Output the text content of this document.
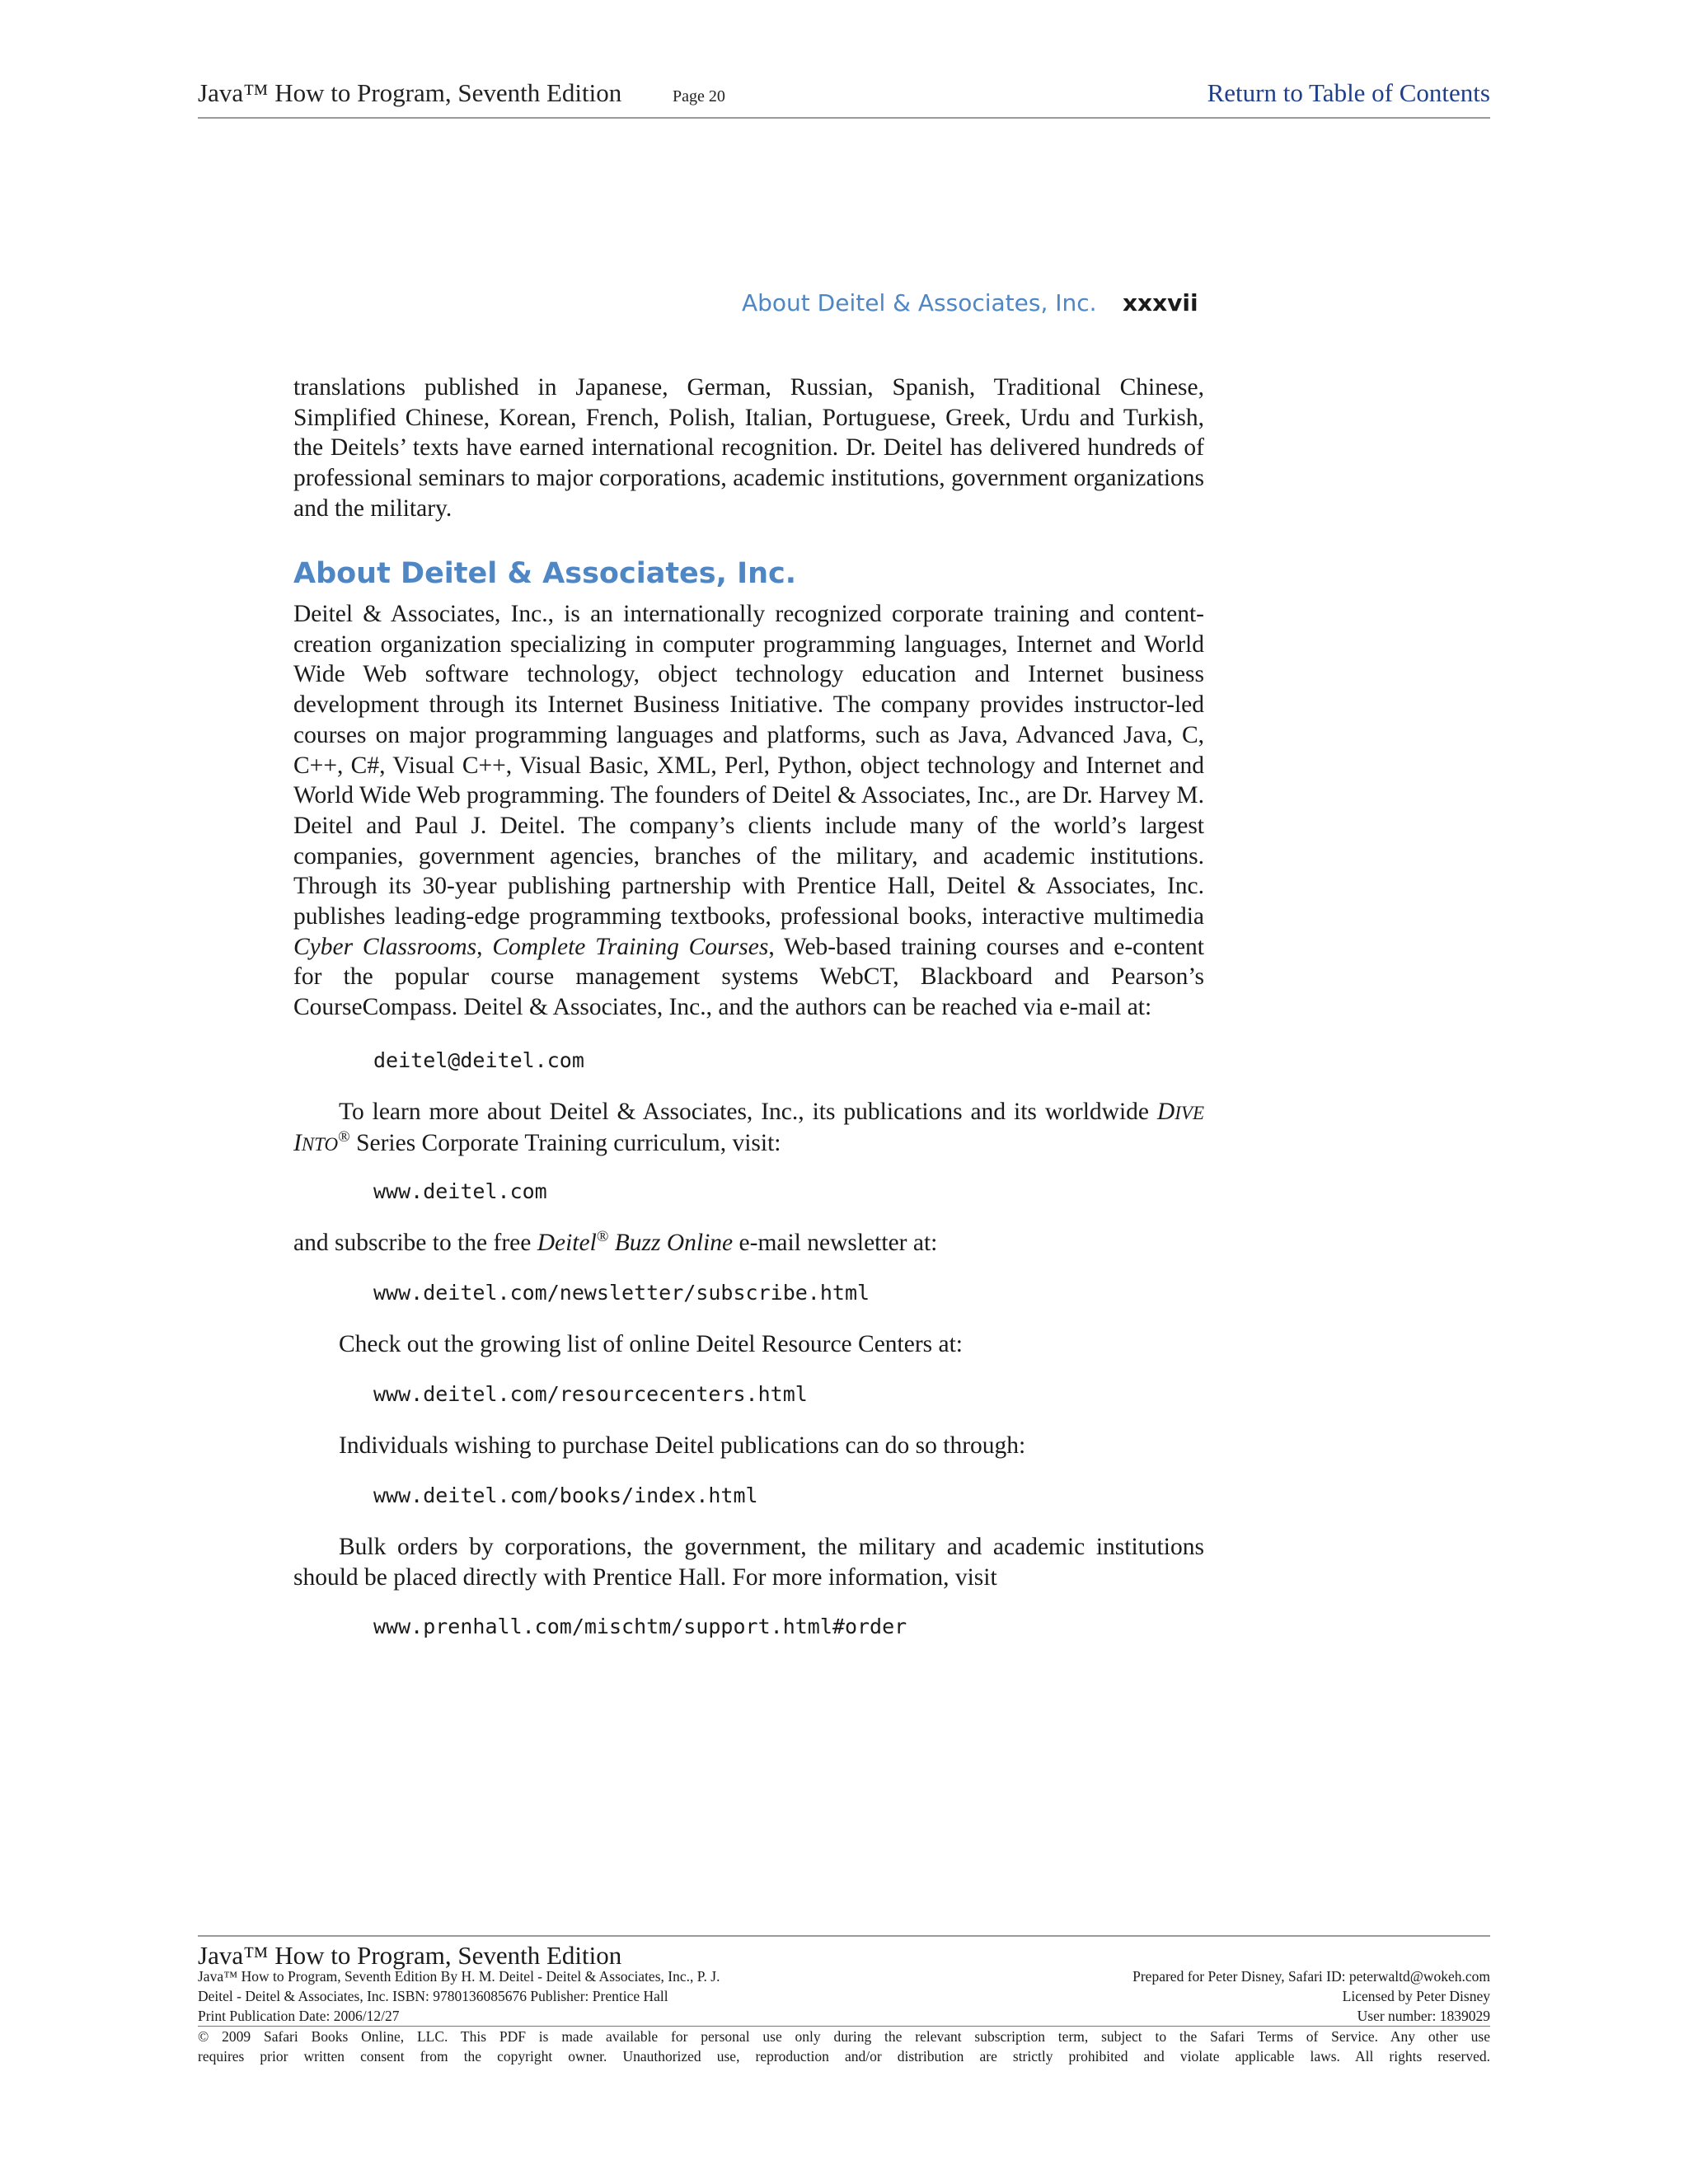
Java™ How to Program, Seventh Edition	Page 20	Return to Table of Contents
About Deitel & Associates, Inc. xxxvii

translations published in Japanese, German, Russian, Spanish, Traditional Chinese, Simplified Chinese, Korean, French, Polish, Italian, Portuguese, Greek, Urdu and Turkish, the Deitels’ texts have earned international recognition. Dr. Deitel has delivered hundreds of professional seminars to major corporations, academic institutions, government organizations and the military.

About Deitel & Associates, Inc.

Deitel & Associates, Inc., is an internationally recognized corporate training and content-creation organization specializing in computer programming languages, Internet and World Wide Web software technology, object technology education and Internet business development through its Internet Business Initiative. The company provides instructor-led courses on major programming languages and platforms, such as Java, Advanced Java, C, C++, C#, Visual C++, Visual Basic, XML, Perl, Python, object technology and Internet and World Wide Web programming. The founders of Deitel & Associates, Inc., are Dr. Harvey M. Deitel and Paul J. Deitel. The company’s clients include many of the world’s largest companies, government agencies, branches of the military, and academic institutions. Through its 30-year publishing partnership with Prentice Hall, Deitel & Associates, Inc. publishes leading-edge programming textbooks, professional books, interactive multimedia Cyber Classrooms, Complete Training Courses, Web-based training courses and e-content for the popular course management systems WebCT, Blackboard and Pearson’s CourseCompass. Deitel & Associates, Inc., and the authors can be reached via e-mail at:

deitel@deitel.com

To learn more about Deitel & Associates, Inc., its publications and its worldwide DIVE INTO® Series Corporate Training curriculum, visit:

www.deitel.com

and subscribe to the free Deitel® Buzz Online e-mail newsletter at:

www.deitel.com/newsletter/subscribe.html

Check out the growing list of online Deitel Resource Centers at:

www.deitel.com/resourcecenters.html

Individuals wishing to purchase Deitel publications can do so through:

www.deitel.com/books/index.html

Bulk orders by corporations, the government, the military and academic institutions should be placed directly with Prentice Hall. For more information, visit

www.prenhall.com/mischtm/support.html#order
Java™ How to Program, Seventh Edition
Java™ How to Program, Seventh Edition By H. M. Deitel - Deitel & Associates, Inc., P. J.	Prepared for Peter Disney, Safari ID: peterwaltd@wokeh.com
Deitel - Deitel & Associates, Inc. ISBN: 9780136085676 Publisher: Prentice Hall	Licensed by Peter Disney
Print Publication Date: 2006/12/27	User number: 1839029
© 2009 Safari Books Online, LLC. This PDF is made available for personal use only during the relevant subscription term, subject to the Safari Terms of Service. Any other use
requires prior written consent from the copyright owner. Unauthorized use, reproduction and/or distribution are strictly prohibited and violate applicable laws. All rights reserved.
